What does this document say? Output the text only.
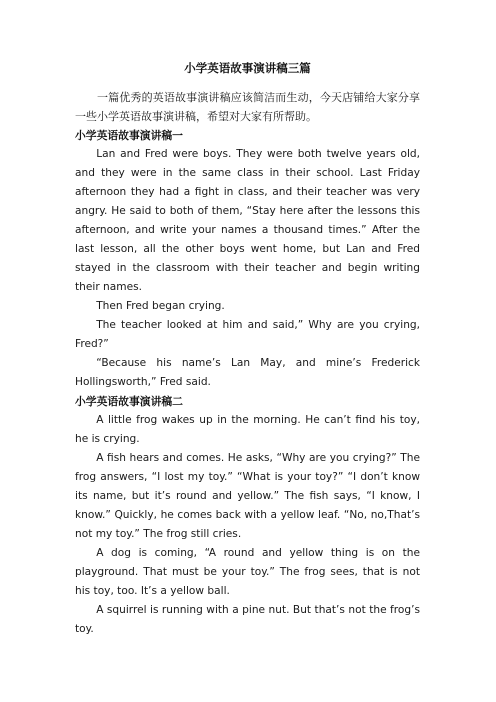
小学英语故事演讲稿三篇

一篇优秀的英语故事演讲稿应该简洁而生动，今天店铺给大家分享一些小学英语故事演讲稿，希望对大家有所帮助。

小学英语故事演讲稿一

Lan and Fred were boys. They were both twelve years old, and they were in the same class in their school. Last Friday afternoon they had a fight in class, and their teacher was very angry. He said to both of them, “Stay here after the lessons this afternoon, and write your names a thousand times.” After the last lesson, all the other boys went home, but Lan and Fred stayed in the classroom with their teacher and begin writing their names.

Then Fred began crying.

The teacher looked at him and said,” Why are you crying, Fred?”

“Because his name’s Lan May, and mine’s Frederick Hollingsworth,” Fred said.

小学英语故事演讲稿二

A little frog wakes up in the morning. He can’t find his toy, he is crying.

A fish hears and comes. He asks, “Why are you crying?” The frog answers, “I lost my toy.” “What is your toy?” “I don’t know its name, but it’s round and yellow.” The fish says, “I know, I know.” Quickly, he comes back with a yellow leaf. “No, no,That’s not my toy.” The frog still cries.

A dog is coming, “A round and yellow thing is on the playground. That must be your toy.” The frog sees, that is not his toy, too. It’s a yellow ball.

A squirrel is running with a pine nut. But that’s not the frog’s toy.
